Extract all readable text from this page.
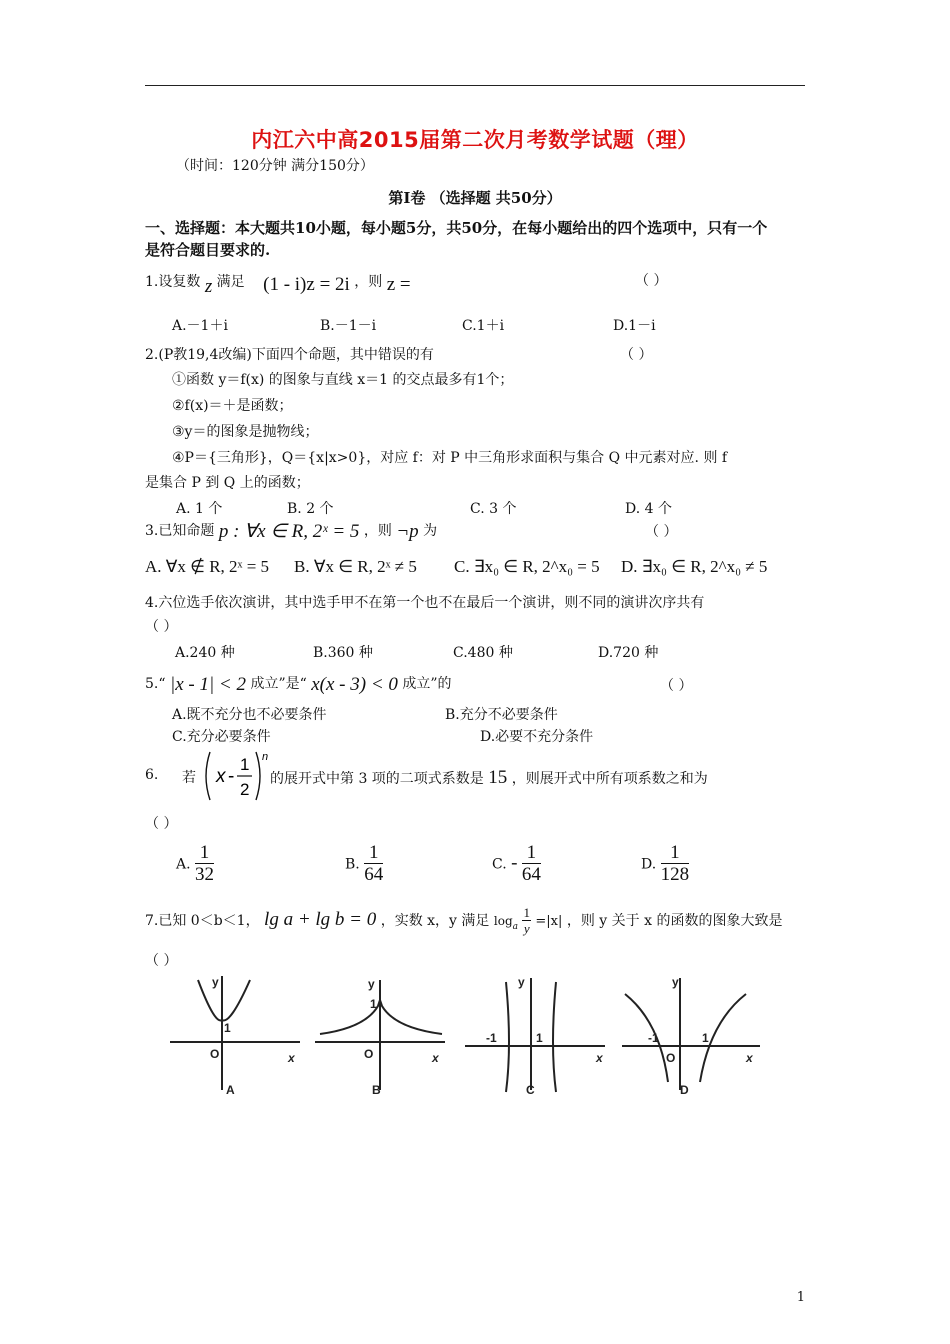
内江六中高2015届第二次月考数学试题（理）
（时间：120分钟 满分150分）
第Ⅰ卷 （选择题 共50分）
一、选择题：本大题共10小题，每小题5分，共50分，在每小题给出的四个选项中，只有一个
是符合题目要求的.
1.设复数 z 满足 (1 - i)z = 2i ，则 z =	（ ）
A.－1＋i	B.－1－i	C.1＋i	D.1－i
2.(P教19,4改编)下面四个命题，其中错误的有	（ ）
①函数 y＝f(x) 的图象与直线 x＝1 的交点最多有1个；
②f(x)＝＋是函数；
③y＝的图象是抛物线；
④P＝{三角形}，Q＝{x|x>0}，对应 f：对 P 中三角形求面积与集合 Q 中元素对应. 则 f
是集合 P 到 Q 上的函数；
A. 1 个	B. 2 个	C. 3 个	D. 4 个
3.已知命题 p : ∀x ∈ R, 2ˣ = 5 ，则 ¬p 为	（ ）
A. ∀x ∉ R, 2ˣ = 5 B. ∀x ∈ R, 2ˣ ≠ 5 C. ∃x₀ ∈ R, 2^x₀ = 5 D. ∃x₀ ∈ R, 2^x₀ ≠ 5
4.六位选手依次演讲，其中选手甲不在第一个也不在最后一个演讲，则不同的演讲次序共有
（ ）
A.240 种	B.360 种	C.480 种	D.720 种
5.“ |x - 1| < 2 成立”是“ x(x - 3) < 0 成立”的	（ ）
A.既不充分也不必要条件	B.充分不必要条件
C.充分必要条件	D.必要不充分条件
6. 若 x -
1
2
n
的展开式中第 3 项的二项式系数是 15 ，则展开式中所有项系数之和为
（ ）
A. $\frac{1}{32}$	B. $\frac{1}{64}$	C. - $\frac{1}{64}$	D. $\frac{1}{128}$
7.已知 0＜b＜1， lg a + lg b = 0 ，实数 x，y 满足 $\log_a \frac{1}{y} =|x|$ ，则 y 关于 x 的函数的图象大致是
（ ）
y
x
O
1
A
y
x
O
1
B
y
x
-1	1
C
y
x
-1
O
1
D
1
